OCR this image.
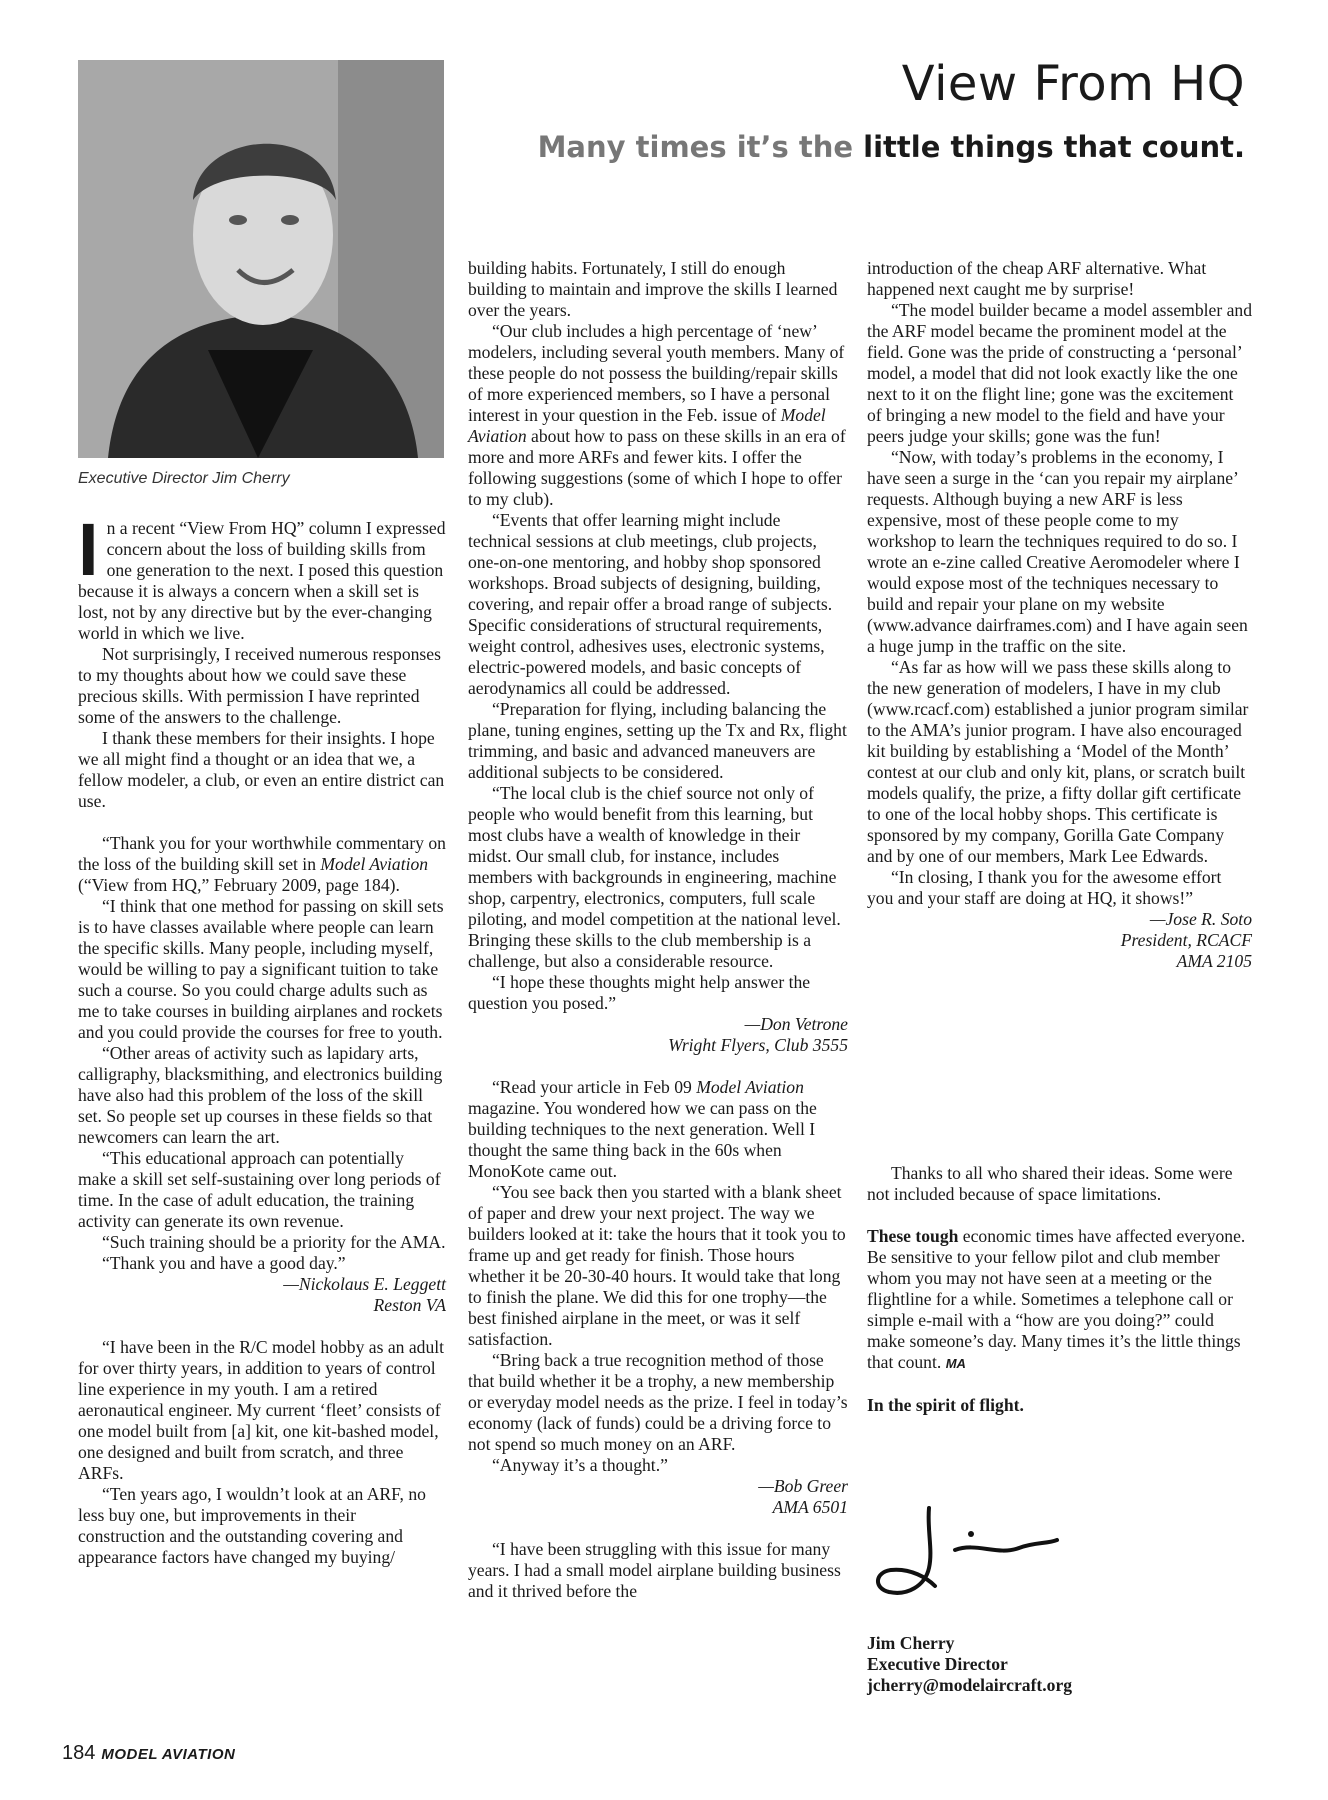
View From HQ
Many times it’s the little things that count.
Executive Director Jim Cherry

In a recent “View From HQ” column I expressed concern about the loss of building skills from one generation to the next. I posed this question because it is always a concern when a skill set is lost, not by any directive but by the ever-changing world in which we live.

Not surprisingly, I received numerous responses to my thoughts about how we could save these precious skills. With permission I have reprinted some of the answers to the challenge.

I thank these members for their insights. I hope we all might find a thought or an idea that we, a fellow modeler, a club, or even an entire district can use.

“Thank you for your worthwhile commentary on the loss of the building skill set in Model Aviation (“View from HQ,” February 2009, page 184).

“I think that one method for passing on skill sets is to have classes available where people can learn the specific skills. Many people, including myself, would be willing to pay a significant tuition to take such a course. So you could charge adults such as me to take courses in building airplanes and rockets and you could provide the courses for free to youth.

“Other areas of activity such as lapidary arts, calligraphy, blacksmithing, and electronics building have also had this problem of the loss of the skill set. So people set up courses in these fields so that newcomers can learn the art.

“This educational approach can potentially make a skill set self-sustaining over long periods of time. In the case of adult education, the training activity can generate its own revenue.

“Such training should be a priority for the AMA.

“Thank you and have a good day.”

—Nickolaus E. Leggett

Reston VA

“I have been in the R/C model hobby as an adult for over thirty years, in addition to years of control line experience in my youth. I am a retired aeronautical engineer. My current ‘fleet’ consists of one model built from [a] kit, one kit-bashed model, one designed and built from scratch, and three ARFs.

“Ten years ago, I wouldn’t look at an ARF, no less buy one, but improvements in their construction and the outstanding covering and appearance factors have changed my buying/

building habits. Fortunately, I still do enough building to maintain and improve the skills I learned over the years.

“Our club includes a high percentage of ‘new’ modelers, including several youth members. Many of these people do not possess the building/repair skills of more experienced members, so I have a personal interest in your question in the Feb. issue of Model Aviation about how to pass on these skills in an era of more and more ARFs and fewer kits. I offer the following suggestions (some of which I hope to offer to my club).

“Events that offer learning might include technical sessions at club meetings, club projects, one-on-one mentoring, and hobby shop sponsored workshops. Broad subjects of designing, building, covering, and repair offer a broad range of subjects. Specific considerations of structural requirements, weight control, adhesives uses, electronic systems, electric-powered models, and basic concepts of aerodynamics all could be addressed.

“Preparation for flying, including balancing the plane, tuning engines, setting up the Tx and Rx, flight trimming, and basic and advanced maneuvers are additional subjects to be considered.

“The local club is the chief source not only of people who would benefit from this learning, but most clubs have a wealth of knowledge in their midst. Our small club, for instance, includes members with backgrounds in engineering, machine shop, carpentry, electronics, computers, full scale piloting, and model competition at the national level. Bringing these skills to the club membership is a challenge, but also a considerable resource.

“I hope these thoughts might help answer the question you posed.”

—Don Vetrone

Wright Flyers, Club 3555

“Read your article in Feb 09 Model Aviation magazine. You wondered how we can pass on the building techniques to the next generation. Well I thought the same thing back in the 60s when MonoKote came out.

“You see back then you started with a blank sheet of paper and drew your next project. The way we builders looked at it: take the hours that it took you to frame up and get ready for finish. Those hours whether it be 20-30-40 hours. It would take that long to finish the plane. We did this for one trophy—the best finished airplane in the meet, or was it self satisfaction.

“Bring back a true recognition method of those that build whether it be a trophy, a new membership or everyday model needs as the prize. I feel in today’s economy (lack of funds) could be a driving force to not spend so much money on an ARF.

“Anyway it’s a thought.”

—Bob Greer

AMA 6501

“I have been struggling with this issue for many years. I had a small model airplane building business and it thrived before the

introduction of the cheap ARF alternative. What happened next caught me by surprise!

“The model builder became a model assembler and the ARF model became the prominent model at the field. Gone was the pride of constructing a ‘personal’ model, a model that did not look exactly like the one next to it on the flight line; gone was the excitement of bringing a new model to the field and have your peers judge your skills; gone was the fun!

“Now, with today’s problems in the economy, I have seen a surge in the ‘can you repair my airplane’ requests. Although buying a new ARF is less expensive, most of these people come to my workshop to learn the techniques required to do so. I wrote an e-zine called Creative Aeromodeler where I would expose most of the techniques necessary to build and repair your plane on my website (www.advance dairframes.com) and I have again seen a huge jump in the traffic on the site.

“As far as how will we pass these skills along to the new generation of modelers, I have in my club (www.rcacf.com) established a junior program similar to the AMA’s junior program. I have also encouraged kit building by establishing a ‘Model of the Month’ contest at our club and only kit, plans, or scratch built models qualify, the prize, a fifty dollar gift certificate to one of the local hobby shops. This certificate is sponsored by my company, Gorilla Gate Company and by one of our members, Mark Lee Edwards.

“In closing, I thank you for the awesome effort you and your staff are doing at HQ, it shows!”

—Jose R. Soto

President, RCACF

AMA 2105

Thanks to all who shared their ideas. Some were not included because of space limitations.

These tough economic times have affected everyone. Be sensitive to your fellow pilot and club member whom you may not have seen at a meeting or the flightline for a while. Sometimes a telephone call or simple e-mail with a “how are you doing?” could make someone’s day. Many times it’s the little things that count. MA

In the spirit of flight.

Jim Cherry
Executive Director
jcherry@modelaircraft.org
184 MODEL AVIATION
